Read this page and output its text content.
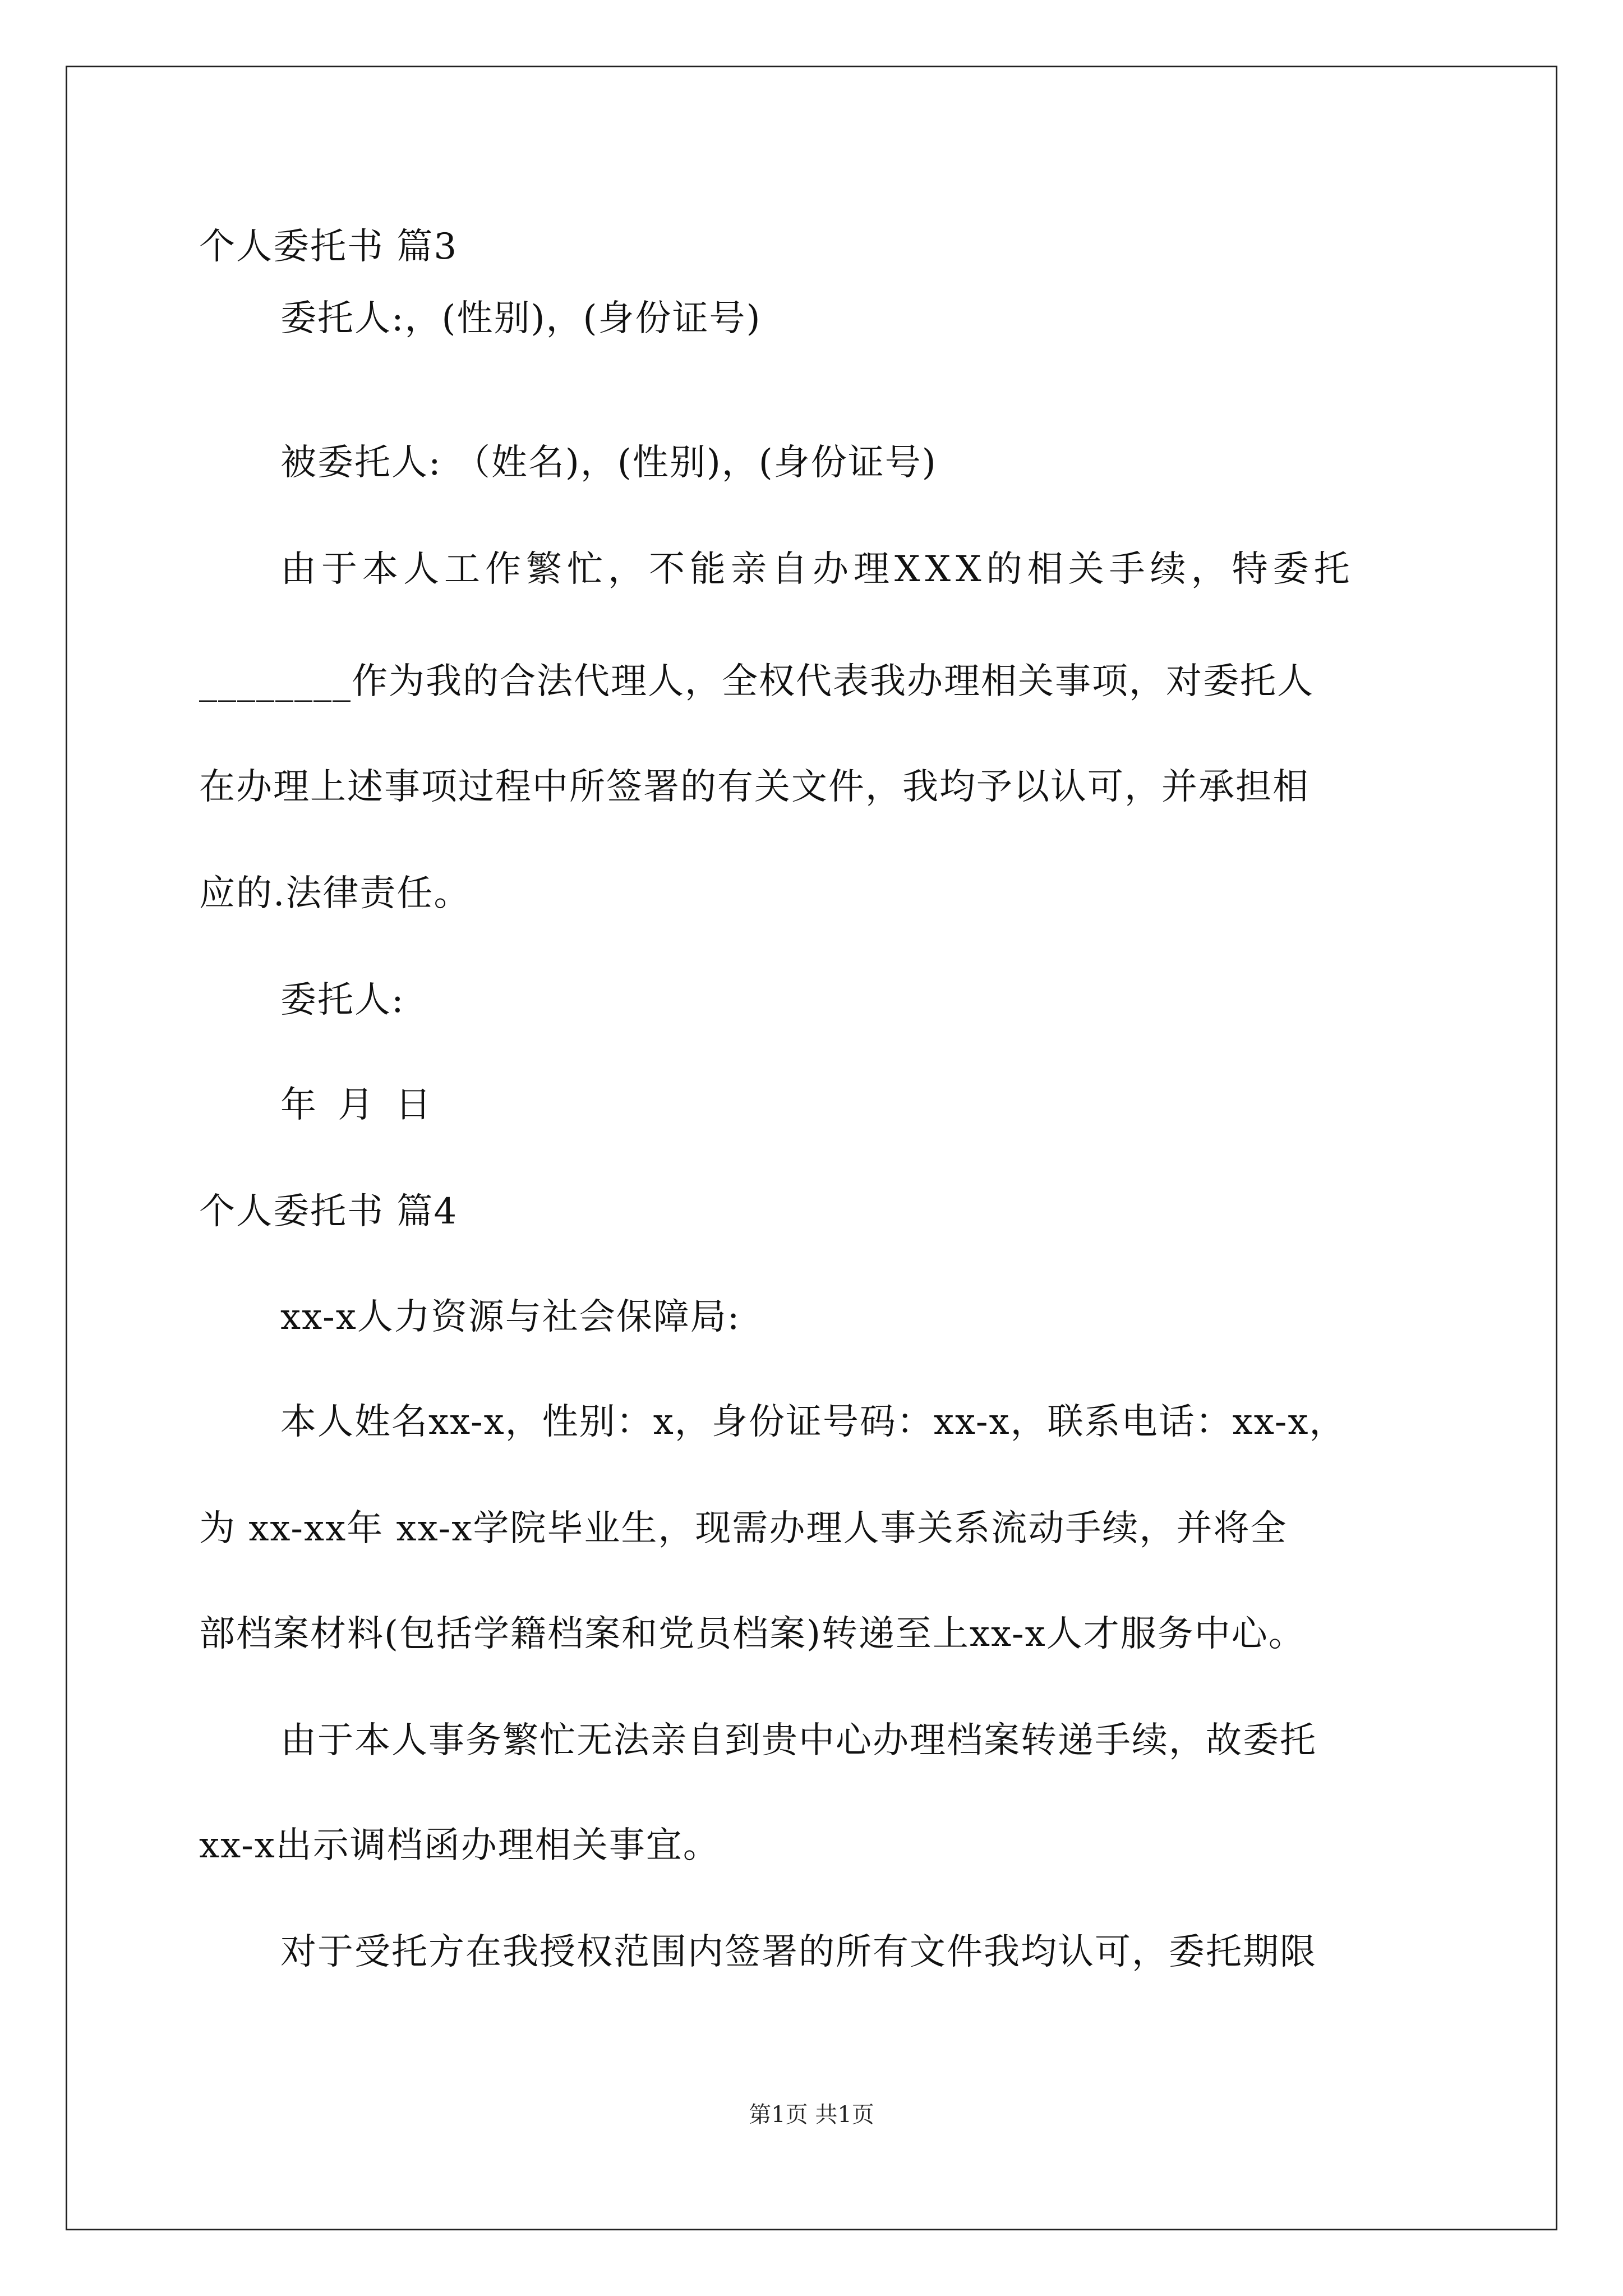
个人委托书 篇3
委托人:，(性别)，(身份证号)
被委托人: （姓名)，(性别)，(身份证号)
由于本人工作繁忙，不能亲自办理XXX的相关手续，特委托
________作为我的合法代理人，全权代表我办理相关事项，对委托人
在办理上述事项过程中所签署的有关文件，我均予以认可，并承担相
应的.法律责任。
委托人:
年 月 日
个人委托书 篇4
xx-x人力资源与社会保障局:
本人姓名xx-x，性别：x，身份证号码：xx-x，联系电话：xx-x，
为 xx-xx年 xx-x学院毕业生，现需办理人事关系流动手续，并将全
部档案材料(包括学籍档案和党员档案)转递至上xx-x人才服务中心。
由于本人事务繁忙无法亲自到贵中心办理档案转递手续，故委托
xx-x出示调档函办理相关事宜。
对于受托方在我授权范围内签署的所有文件我均认可，委托期限
第1页 共1页
